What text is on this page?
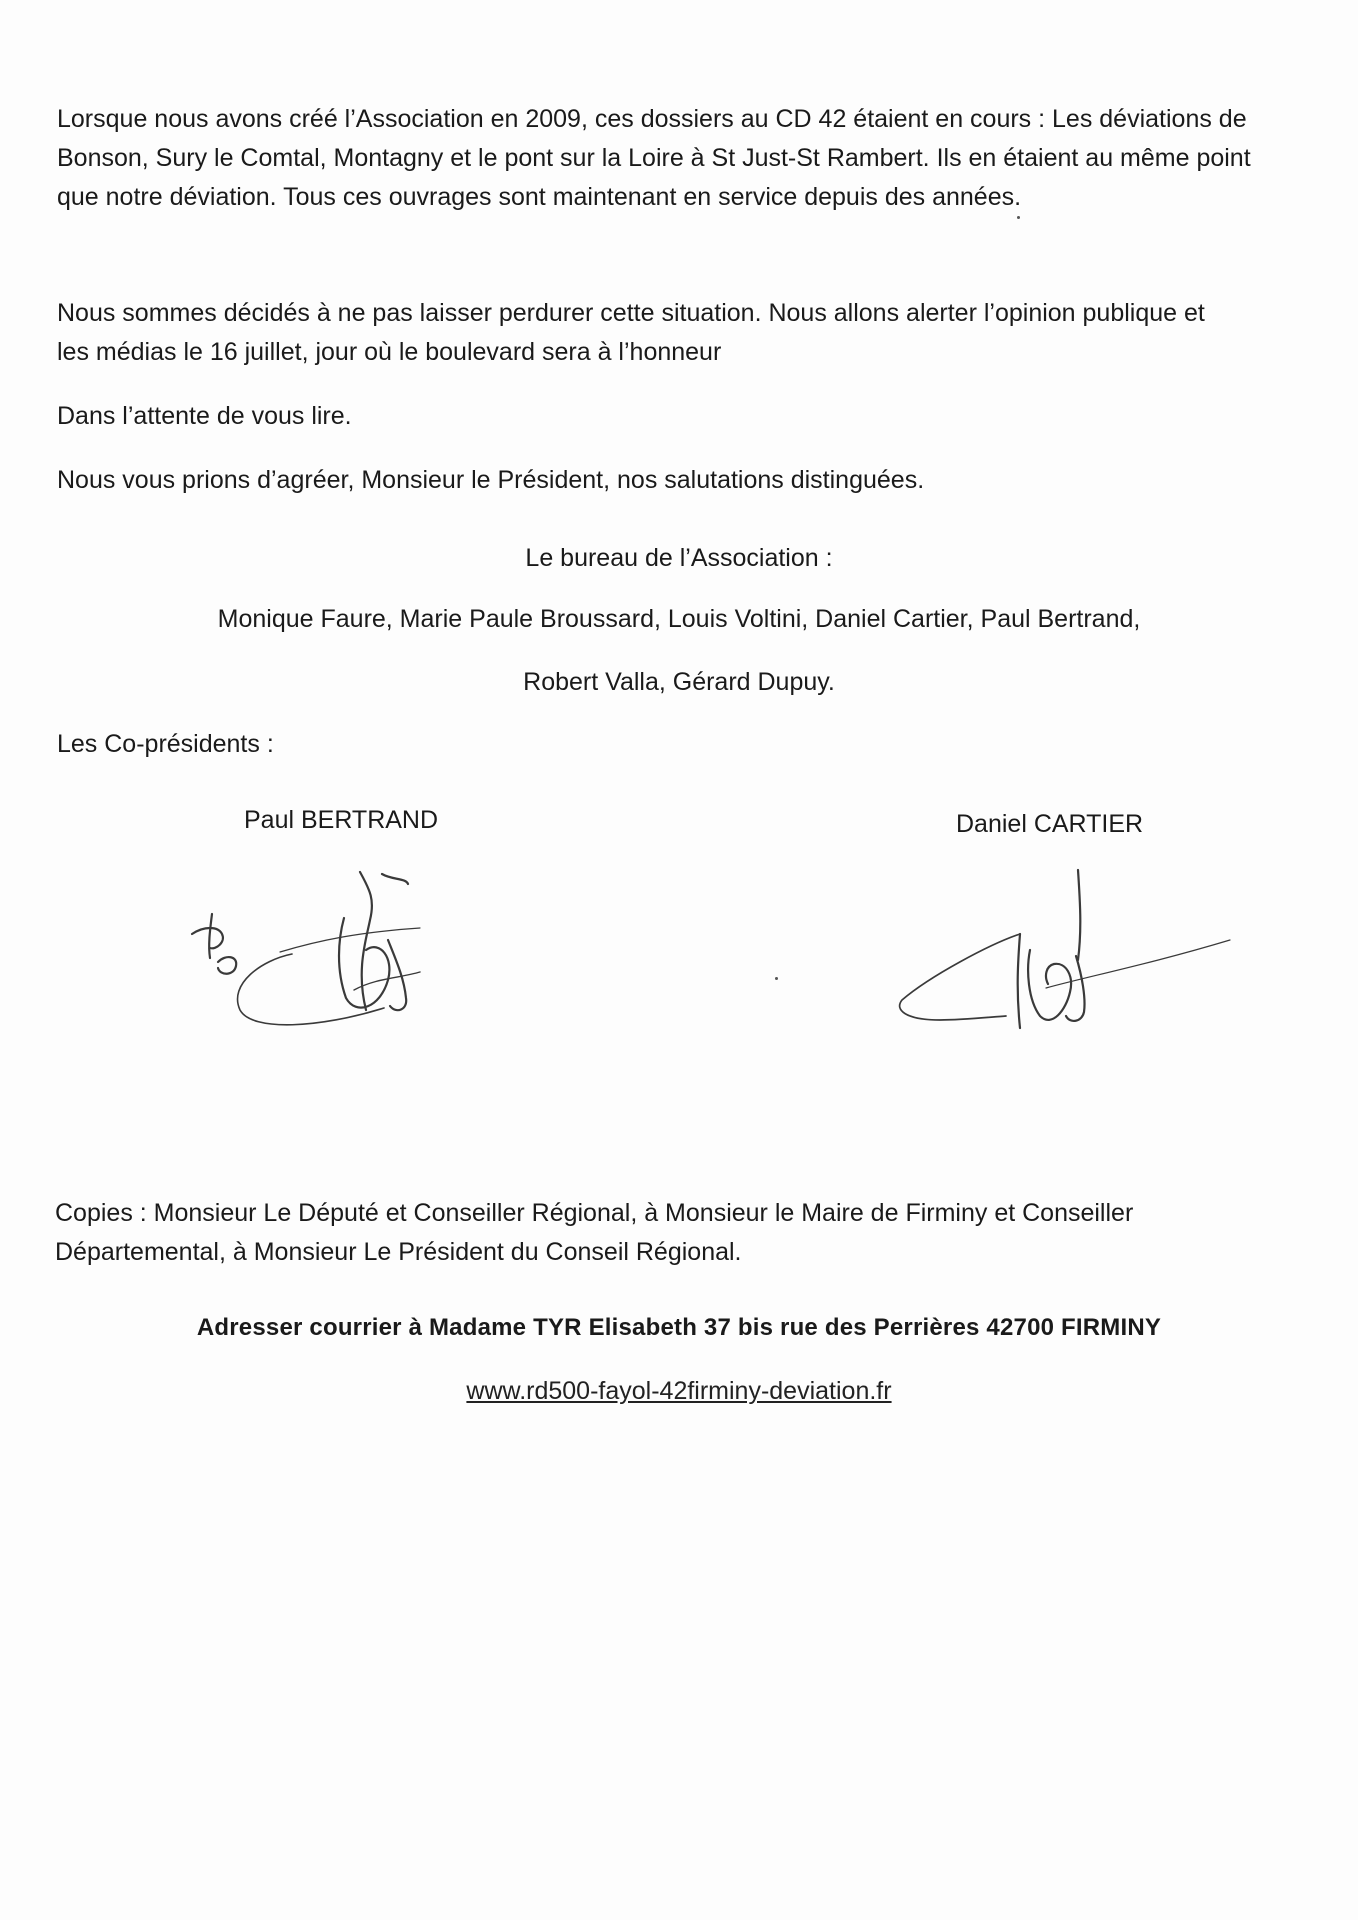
Lorsque nous avons créé l’Association en 2009, ces dossiers au CD 42 étaient en cours : Les déviations de Bonson, Sury le Comtal, Montagny et le pont sur la Loire à St Just-St Rambert. Ils en étaient au même point que notre déviation. Tous ces ouvrages sont maintenant en service depuis des années.

Nous sommes décidés à ne pas laisser perdurer cette situation. Nous allons alerter l’opinion publique et les médias le 16 juillet, jour où le boulevard sera à l’honneur

Dans l’attente de vous lire.

Nous vous prions d’agréer, Monsieur le Président, nos salutations distinguées.

Le bureau de l’Association :

Monique Faure, Marie Paule Broussard, Louis Voltini, Daniel Cartier, Paul Bertrand,

Robert Valla, Gérard Dupuy.

Les Co-présidents :

Paul BERTRAND	Daniel CARTIER

Copies : Monsieur Le Député et Conseiller Régional, à Monsieur le Maire de Firminy et Conseiller Départemental, à Monsieur Le Président du Conseil Régional.

Adresser courrier à Madame TYR Elisabeth 37 bis rue des Perrières 42700 FIRMINY
www.rd500-fayol-42firminy-deviation.fr
